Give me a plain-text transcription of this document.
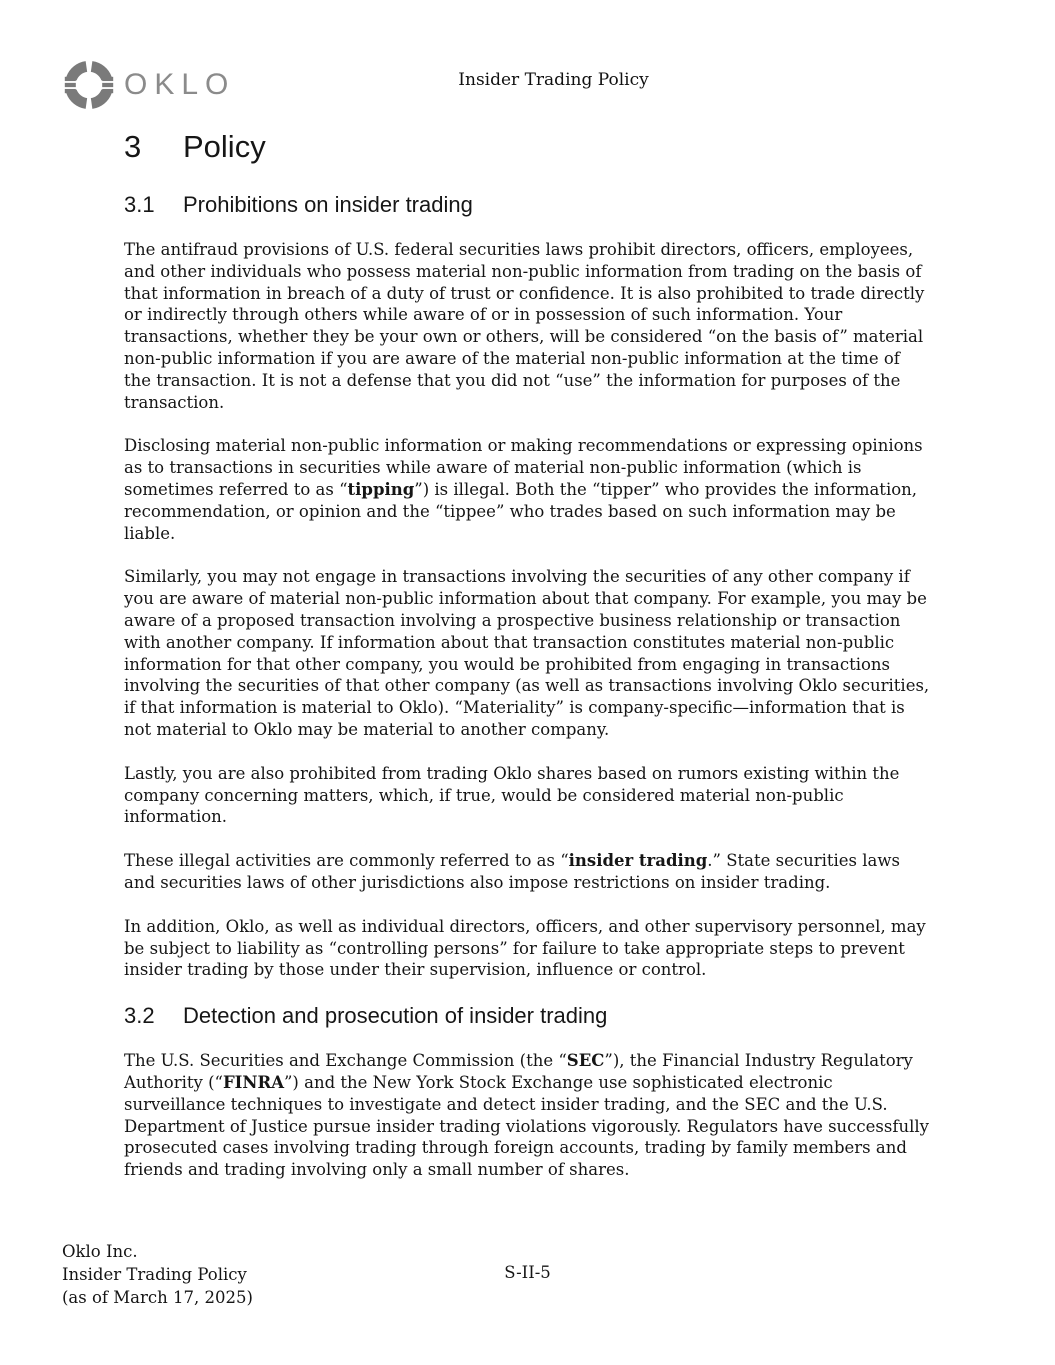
OKLO	Insider Trading Policy
3	Policy
3.1	Prohibitions on insider trading

The antifraud provisions of U.S. federal securities laws prohibit directors, officers, employees, and other individuals who possess material non-public information from trading on the basis of that information in breach of a duty of trust or confidence. It is also prohibited to trade directly or indirectly through others while aware of or in possession of such information. Your transactions, whether they be your own or others, will be considered “on the basis of” material non-public information if you are aware of the material non-public information at the time of the transaction. It is not a defense that you did not “use” the information for purposes of the transaction.

Disclosing material non-public information or making recommendations or expressing opinions as to transactions in securities while aware of material non-public information (which is sometimes referred to as “tipping”) is illegal. Both the “tipper” who provides the information, recommendation, or opinion and the “tippee” who trades based on such information may be liable.

Similarly, you may not engage in transactions involving the securities of any other company if you are aware of material non-public information about that company. For example, you may be aware of a proposed transaction involving a prospective business relationship or transaction with another company. If information about that transaction constitutes material non-public information for that other company, you would be prohibited from engaging in transactions involving the securities of that other company (as well as transactions involving Oklo securities, if that information is material to Oklo). “Materiality” is company-specific—information that is not material to Oklo may be material to another company.

Lastly, you are also prohibited from trading Oklo shares based on rumors existing within the company concerning matters, which, if true, would be considered material non-public information.

These illegal activities are commonly referred to as “insider trading.” State securities laws and securities laws of other jurisdictions also impose restrictions on insider trading.

In addition, Oklo, as well as individual directors, officers, and other supervisory personnel, may be subject to liability as “controlling persons” for failure to take appropriate steps to prevent insider trading by those under their supervision, influence or control.

3.2	Detection and prosecution of insider trading

The U.S. Securities and Exchange Commission (the “SEC”), the Financial Industry Regulatory Authority (“FINRA”) and the New York Stock Exchange use sophisticated electronic surveillance techniques to investigate and detect insider trading, and the SEC and the U.S. Department of Justice pursue insider trading violations vigorously. Regulators have successfully prosecuted cases involving trading through foreign accounts, trading by family members and friends and trading involving only a small number of shares.

Oklo Inc.
Insider Trading Policy
(as of March 17, 2025)
S-II-5
